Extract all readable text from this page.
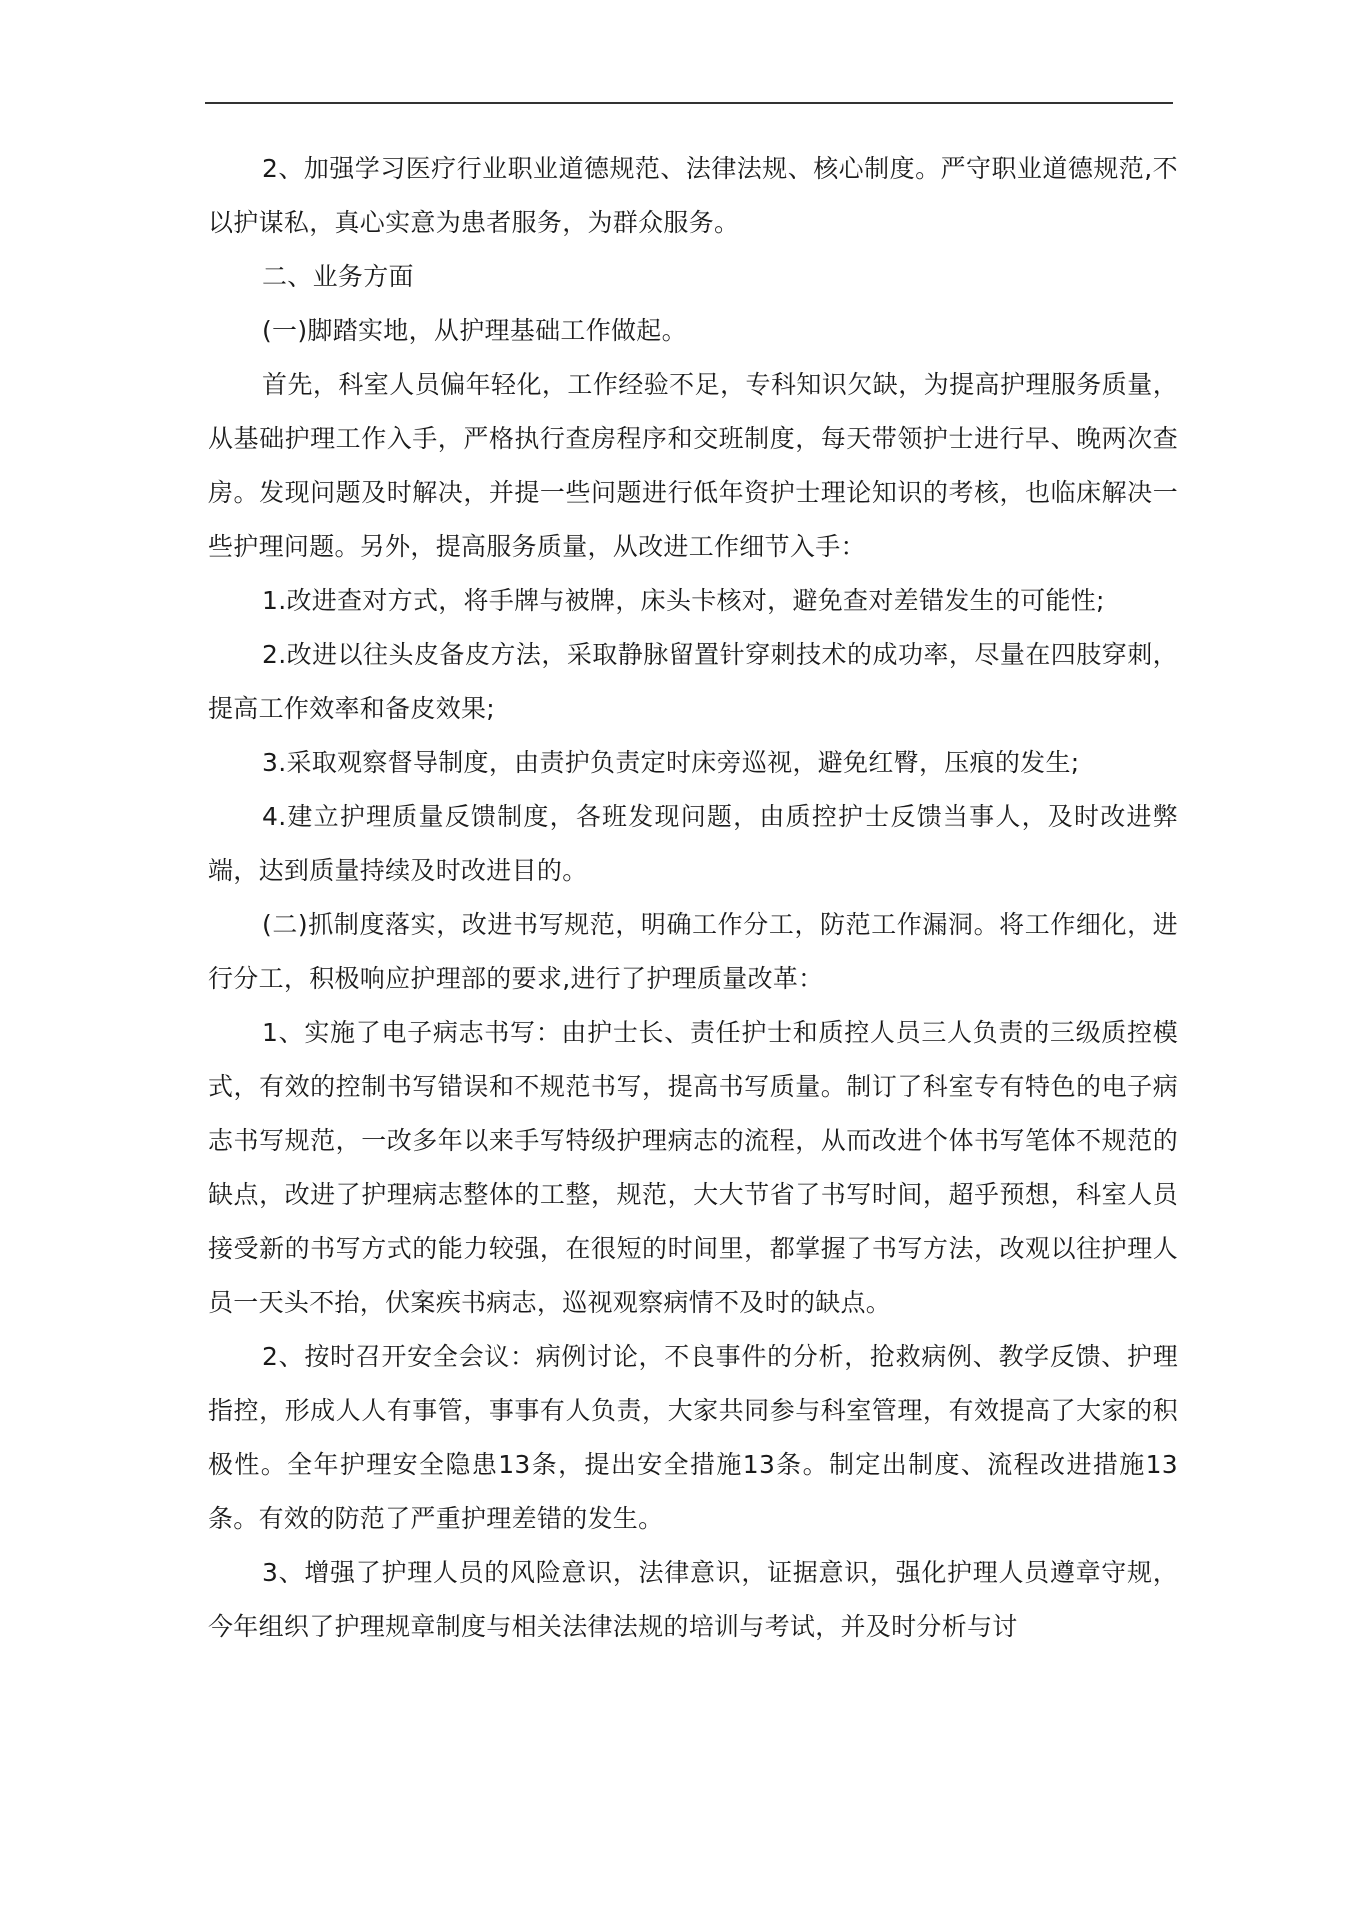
2、加强学习医疗行业职业道德规范、法律法规、核心制度。严守职业道德规范,不以护谋私，真心实意为患者服务，为群众服务。

二、业务方面

(一)脚踏实地，从护理基础工作做起。

首先，科室人员偏年轻化，工作经验不足，专科知识欠缺，为提高护理服务质量，从基础护理工作入手，严格执行查房程序和交班制度，每天带领护士进行早、晚两次查房。发现问题及时解决，并提一些问题进行低年资护士理论知识的考核，也临床解决一些护理问题。另外，提高服务质量，从改进工作细节入手：

1.改进查对方式，将手牌与被牌，床头卡核对，避免查对差错发生的可能性;

2.改进以往头皮备皮方法，采取静脉留置针穿刺技术的成功率，尽量在四肢穿刺，提高工作效率和备皮效果;

3.采取观察督导制度，由责护负责定时床旁巡视，避免红臀，压痕的发生;

4.建立护理质量反馈制度，各班发现问题，由质控护士反馈当事人，及时改进弊端，达到质量持续及时改进目的。

(二)抓制度落实，改进书写规范，明确工作分工，防范工作漏洞。将工作细化，进行分工，积极响应护理部的要求,进行了护理质量改革：

1、实施了电子病志书写：由护士长、责任护士和质控人员三人负责的三级质控模式，有效的控制书写错误和不规范书写，提高书写质量。制订了科室专有特色的电子病志书写规范，一改多年以来手写特级护理病志的流程，从而改进个体书写笔体不规范的缺点，改进了护理病志整体的工整，规范，大大节省了书写时间，超乎预想，科室人员接受新的书写方式的能力较强，在很短的时间里，都掌握了书写方法，改观以往护理人员一天头不抬，伏案疾书病志，巡视观察病情不及时的缺点。

2、按时召开安全会议：病例讨论，不良事件的分析，抢救病例、教学反馈、护理指控，形成人人有事管，事事有人负责，大家共同参与科室管理，有效提高了大家的积极性。全年护理安全隐患13条，提出安全措施13条。制定出制度、流程改进措施13条。有效的防范了严重护理差错的发生。

3、增强了护理人员的风险意识，法律意识，证据意识，强化护理人员遵章守规，今年组织了护理规章制度与相关法律法规的培训与考试，并及时分析与讨
